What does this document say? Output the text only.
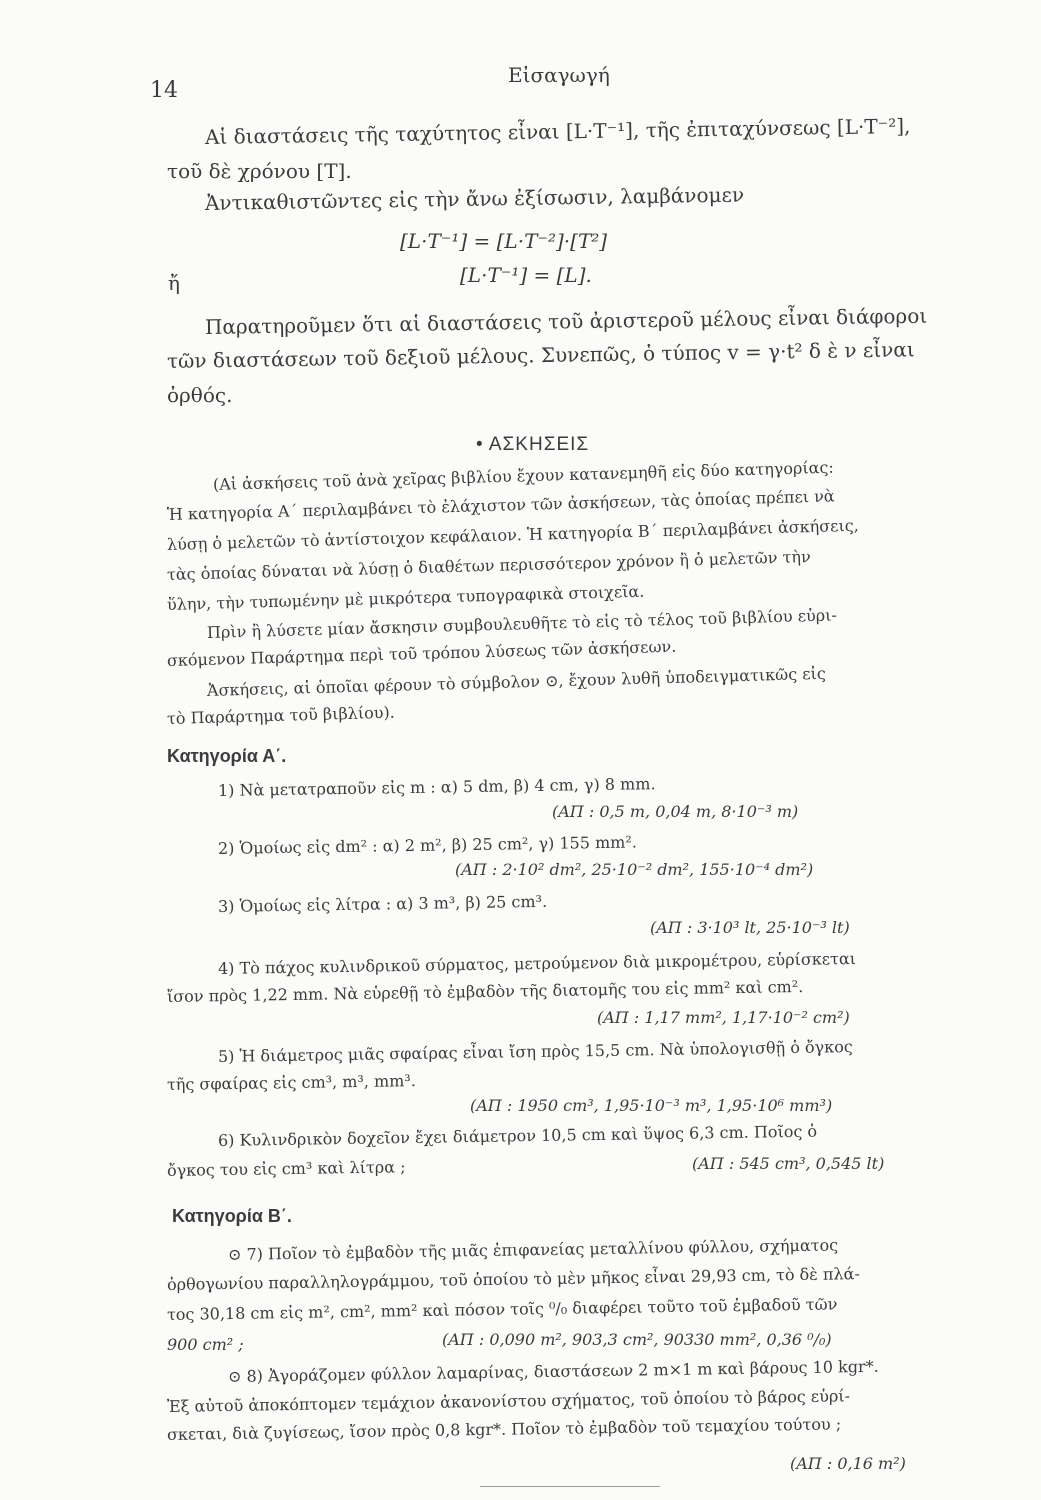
14
Εἰσαγωγή
Αἱ διαστάσεις τῆς ταχύτητος εἶναι [L·T⁻¹], τῆς ἐπιταχύνσεως [L·T⁻²],
τοῦ δὲ χρόνου [T].
Ἀντικαθιστῶντες εἰς τὴν ἄνω ἐξίσωσιν, λαμβάνομεν
[L·T⁻¹] = [L·T⁻²]·[T²]
ἤ	[L·T⁻¹] = [L].
Παρατηροῦμεν ὅτι αἱ διαστάσεις τοῦ ἀριστεροῦ μέλους εἶναι διάφοροι
τῶν διαστάσεων τοῦ δεξιοῦ μέλους. Συνεπῶς, ὁ τύπος v = γ·t² δ ὲ ν εἶναι
ὀρθός.
• ΑΣΚΗΣΕΙΣ
(Αἱ ἀσκήσεις τοῦ ἀνὰ χεῖρας βιβλίου ἔχουν κατανεμηθῆ εἰς δύο κατηγορίας:
Ἡ κατηγορία Α΄ περιλαμβάνει τὸ ἐλάχιστον τῶν ἀσκήσεων, τὰς ὁποίας πρέπει νὰ
λύσῃ ὁ μελετῶν τὸ ἀντίστοιχον κεφάλαιον. Ἡ κατηγορία Β΄ περιλαμβάνει ἀσκήσεις,
τὰς ὁποίας δύναται νὰ λύσῃ ὁ διαθέτων περισσότερον χρόνον ἢ ὁ μελετῶν τὴν
ὕλην, τὴν τυπωμένην μὲ μικρότερα τυπογραφικὰ στοιχεῖα.
Πρὶν ἢ λύσετε μίαν ἄσκησιν συμβουλευθῆτε τὸ εἰς τὸ τέλος τοῦ βιβλίου εὑρι-
σκόμενον Παράρτημα περὶ τοῦ τρόπου λύσεως τῶν ἀσκήσεων.
Ἀσκήσεις, αἱ ὁποῖαι φέρουν τὸ σύμβολον ⊙, ἔχουν λυθῆ ὑποδειγματικῶς εἰς
τὸ Παράρτημα τοῦ βιβλίου).
Κατηγορία Α΄.
1) Νὰ μετατραποῦν εἰς m : α) 5 dm, β) 4 cm, γ) 8 mm.
(ΑΠ : 0,5 m, 0,04 m, 8·10⁻³ m)
2) Ὁμοίως εἰς dm² : α) 2 m², β) 25 cm², γ) 155 mm².
(ΑΠ : 2·10² dm², 25·10⁻² dm², 155·10⁻⁴ dm²)
3) Ὁμοίως εἰς λίτρα : α) 3 m³, β) 25 cm³.
(ΑΠ : 3·10³ lt, 25·10⁻³ lt)
4) Τὸ πάχος κυλινδρικοῦ σύρματος, μετρούμενον διὰ μικρομέτρου, εὑρίσκεται
ἴσον πρὸς 1,22 mm. Νὰ εὑρεθῇ τὸ ἐμβαδὸν τῆς διατομῆς του εἰς mm² καὶ cm².
(ΑΠ : 1,17 mm², 1,17·10⁻² cm²)
5) Ἡ διάμετρος μιᾶς σφαίρας εἶναι ἴση πρὸς 15,5 cm. Νὰ ὑπολογισθῇ ὁ ὄγκος
τῆς σφαίρας εἰς cm³, m³, mm³.
(ΑΠ : 1950 cm³, 1,95·10⁻³ m³, 1,95·10⁶ mm³)
6) Κυλινδρικὸν δοχεῖον ἔχει διάμετρον 10,5 cm καὶ ὕψος 6,3 cm. Ποῖος ὁ
ὄγκος του εἰς cm³ καὶ λίτρα ;	(ΑΠ : 545 cm³, 0,545 lt)
Κατηγορία Β΄.
⊙ 7) Ποῖον τὸ ἐμβαδὸν τῆς μιᾶς ἐπιφανείας μεταλλίνου φύλλου, σχήματος
ὀρθογωνίου παραλληλογράμμου, τοῦ ὁποίου τὸ μὲν μῆκος εἶναι 29,93 cm, τὸ δὲ πλά-
τος 30,18 cm εἰς m², cm², mm² καὶ πόσον τοῖς ⁰/₀ διαφέρει τοῦτο τοῦ ἐμβαδοῦ τῶν
900 cm² ;	(ΑΠ : 0,090 m², 903,3 cm², 90330 mm², 0,36 ⁰/₀)
⊙ 8) Ἀγοράζομεν φύλλον λαμαρίνας, διαστάσεων 2 m×1 m καὶ βάρους 10 kgr*.
Ἐξ αὐτοῦ ἀποκόπτομεν τεμάχιον ἀκανονίστου σχήματος, τοῦ ὁποίου τὸ βάρος εὑρί-
σκεται, διὰ ζυγίσεως, ἴσον πρὸς 0,8 kgr*. Ποῖον τὸ ἐμβαδὸν τοῦ τεμαχίου τούτου ;
(ΑΠ : 0,16 m²)
